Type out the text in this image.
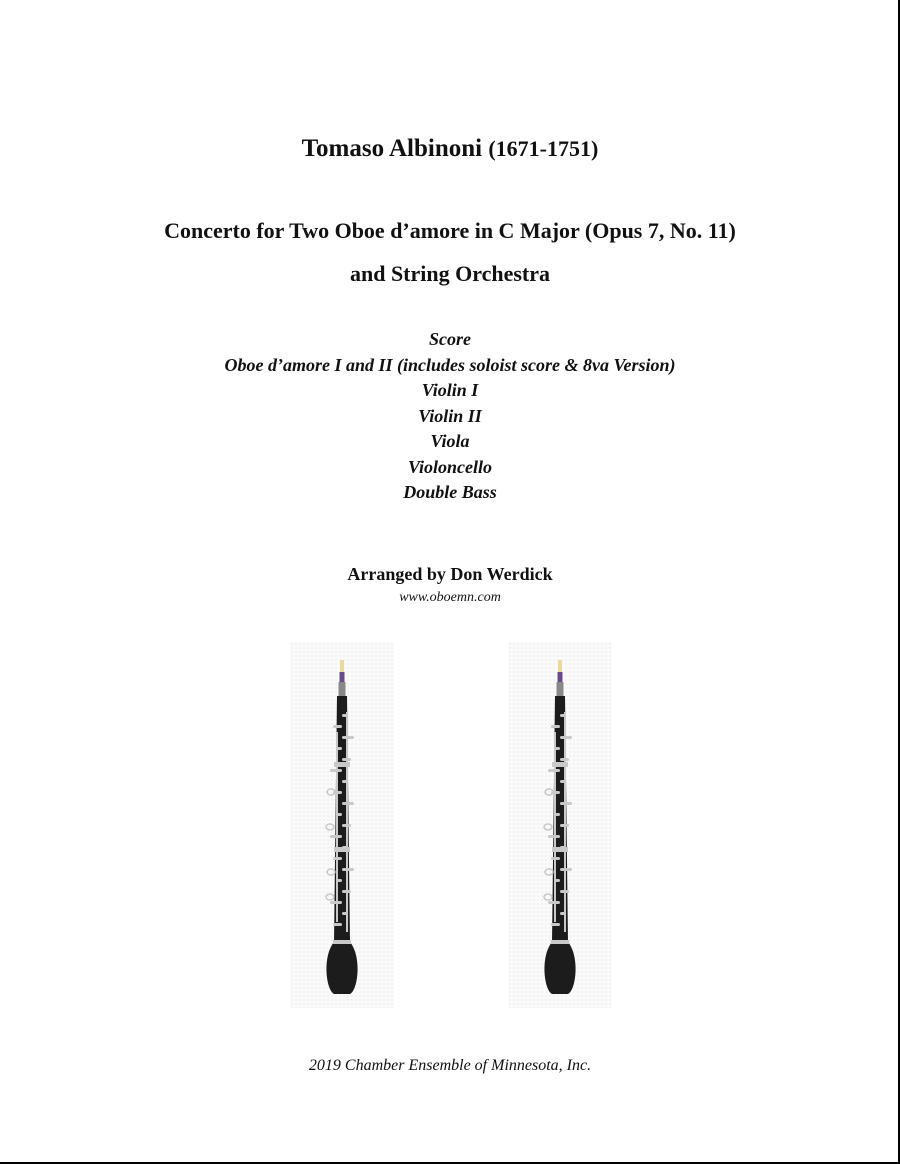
Tomaso Albinoni (1671-1751)
Concerto for Two Oboe d’amore in C Major (Opus 7, No. 11)
and String Orchestra
Score
Oboe d’amore I and II (includes soloist score & 8va Version)
Violin I
Violin II
Viola
Violoncello
Double Bass
Arranged by Don Werdick
www.oboemn.com
2019 Chamber Ensemble of Minnesota, Inc.
